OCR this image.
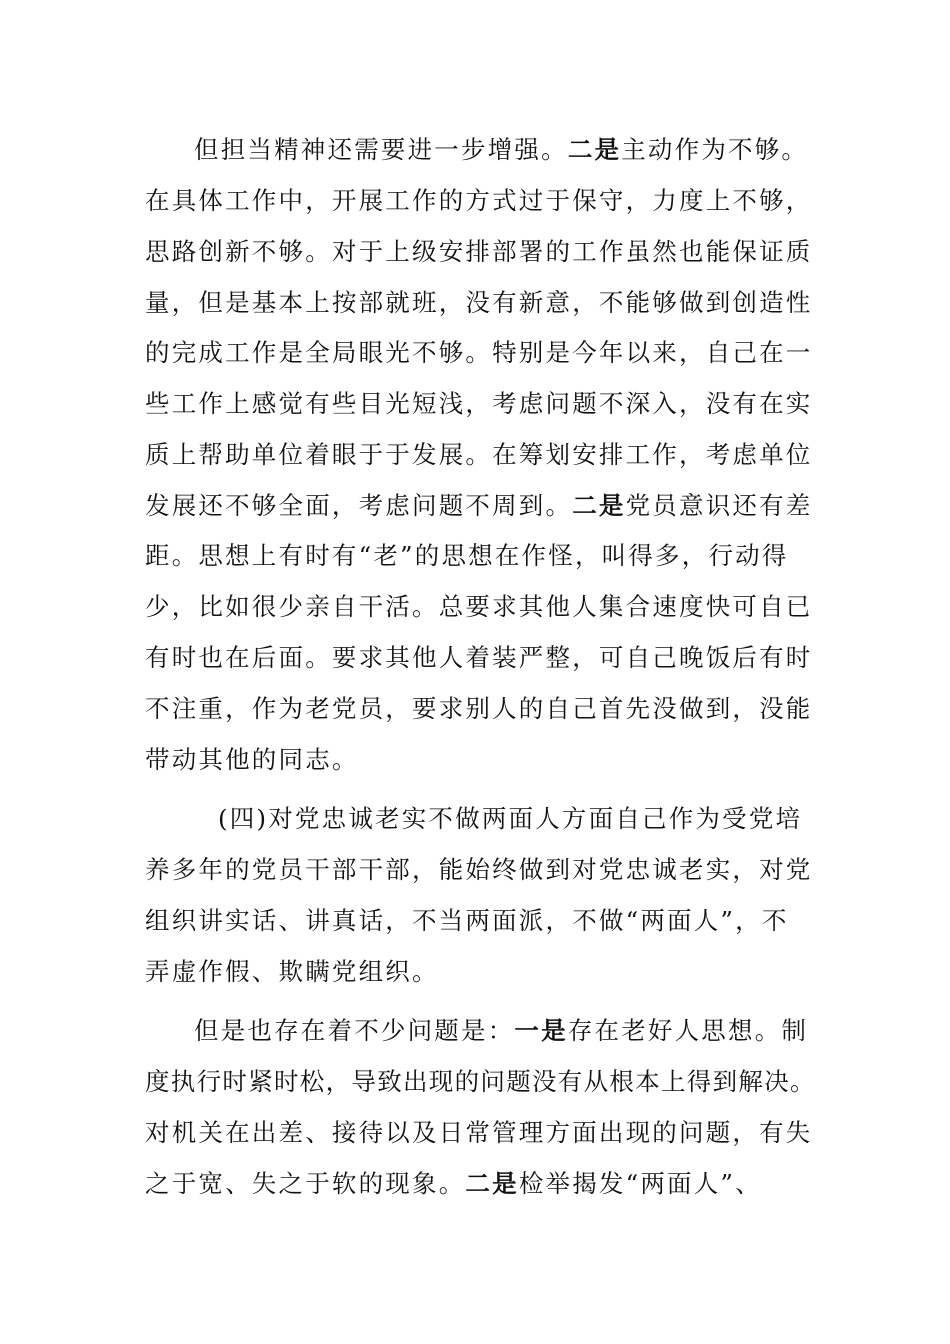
但担当精神还需要进一步增强。二是主动作为不够。
在具体工作中，开展工作的方式过于保守，力度上不够，
思路创新不够。对于上级安排部署的工作虽然也能保证质
量，但是基本上按部就班，没有新意，不能够做到创造性
的完成工作是全局眼光不够。特别是今年以来，自己在一
些工作上感觉有些目光短浅，考虑问题不深入，没有在实
质上帮助单位着眼于于发展。在筹划安排工作，考虑单位
发展还不够全面，考虑问题不周到。二是党员意识还有差
距。思想上有时有“老”的思想在作怪，叫得多，行动得
少，比如很少亲自干活。总要求其他人集合速度快可自已
有时也在后面。要求其他人着装严整，可自己晚饭后有时
不注重，作为老党员，要求别人的自己首先没做到，没能
带动其他的同志。
(四)对党忠诚老实不做两面人方面自己作为受党培
养多年的党员干部干部，能始终做到对党忠诚老实，对党
组织讲实话、讲真话，不当两面派，不做“两面人”，不
弄虚作假、欺瞒党组织。
但是也存在着不少问题是：一是存在老好人思想。制
度执行时紧时松，导致出现的问题没有从根本上得到解决。
对机关在出差、接待以及日常管理方面出现的问题，有失
之于宽、失之于软的现象。二是检举揭发“两面人”、
